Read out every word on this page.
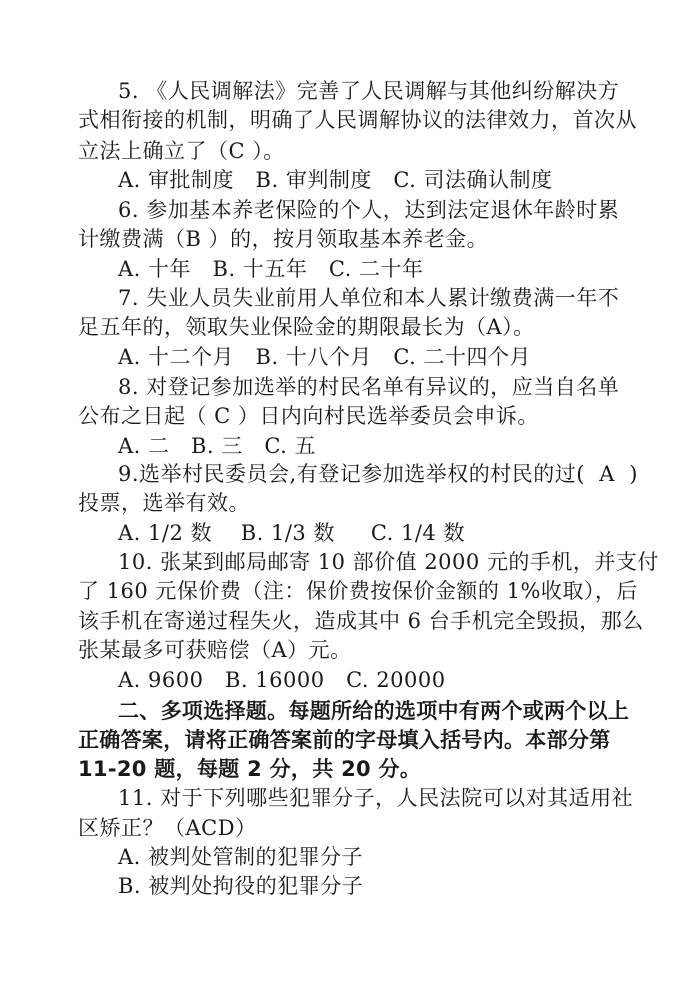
5. 《人民调解法》完善了人民调解与其他纠纷解决方
式相衔接的机制，明确了人民调解协议的法律效力，首次从
立法上确立了（C ）。
A. 审批制度   B. 审判制度   C. 司法确认制度
6. 参加基本养老保险的个人，达到法定退休年龄时累
计缴费满（B ）的，按月领取基本养老金。
A. 十年   B. 十五年   C. 二十年
7. 失业人员失业前用人单位和本人累计缴费满一年不
足五年的，领取失业保险金的期限最长为（A）。
A. 十二个月   B. 十八个月   C. 二十四个月
8. 对登记参加选举的村民名单有异议的，应当自名单
公布之日起（ C ）日内向村民选举委员会申诉。
A. 二   B. 三   C. 五
9.选举村民委员会,有登记参加选举权的村民的过(  A  )
投票，选举有效。
A. 1/2 数    B. 1/3 数     C. 1/4 数
10. 张某到邮局邮寄 10 部价值 2000 元的手机，并支付
了 160 元保价费（注：保价费按保价金额的 1%收取），后
该手机在寄递过程失火，造成其中 6 台手机完全毁损，那么
张某最多可获赔偿（A）元。
A. 9600   B. 16000   C. 20000
二、多项选择题。每题所给的选项中有两个或两个以上
正确答案，请将正确答案前的字母填入括号内。本部分第
11-20 题，每题 2 分，共 20 分。
11. 对于下列哪些犯罪分子，人民法院可以对其适用社
区矫正？（ACD）
A. 被判处管制的犯罪分子
B. 被判处拘役的犯罪分子
